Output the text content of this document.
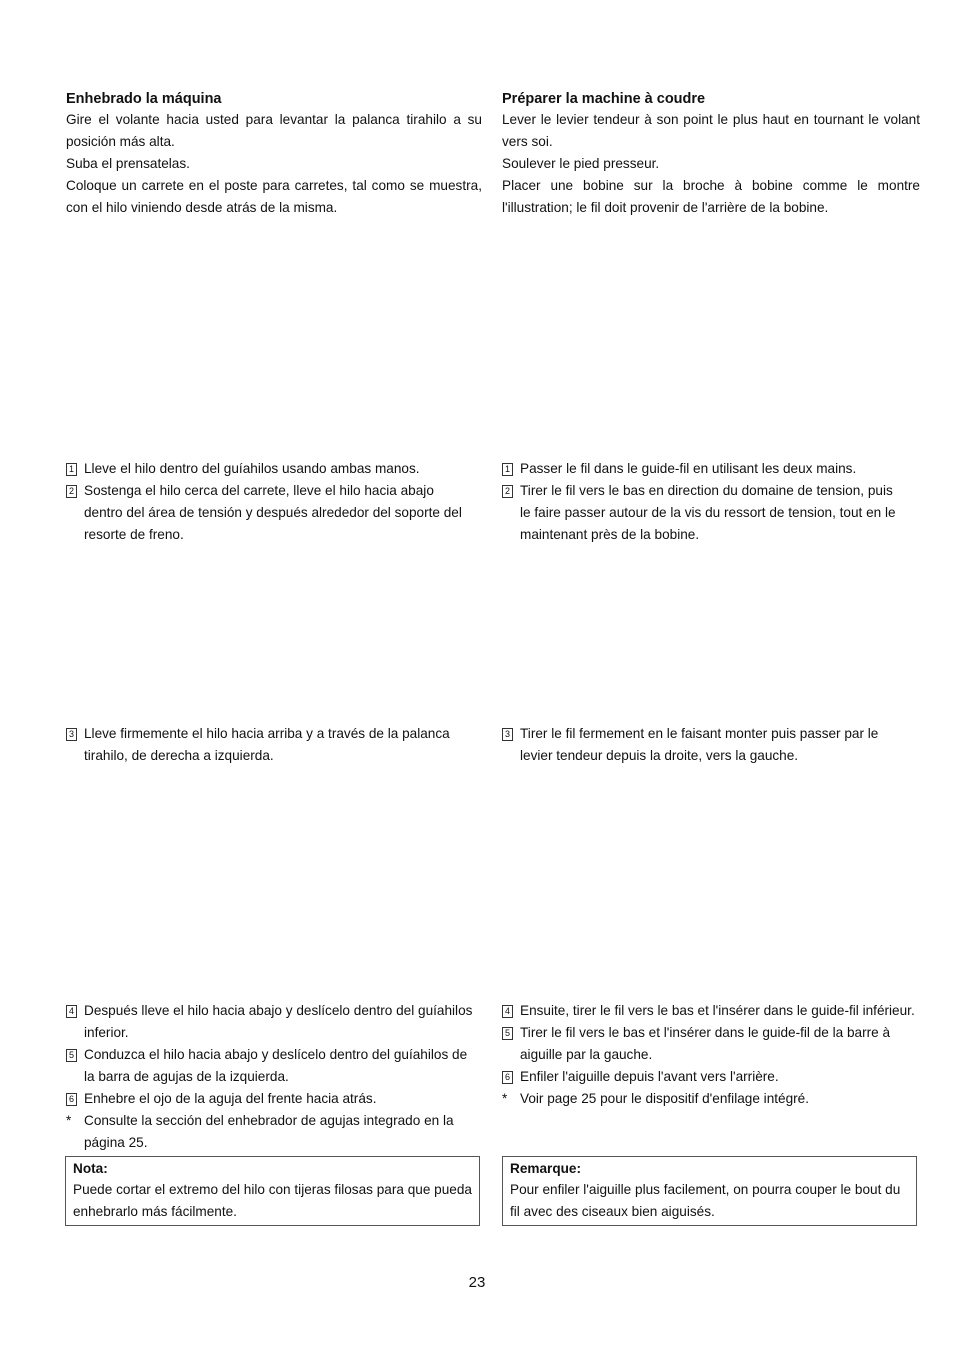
Enhebrado la máquina

Gire el volante hacia usted para levantar la palanca tirahilo a su posición más alta.

Suba el prensatelas.

Coloque un carrete en el poste para carretes, tal como se muestra, con el hilo viniendo desde atrás de la misma.

Préparer la machine à coudre

Lever le levier tendeur à son point le plus haut en tournant le volant vers soi.

Soulever le pied presseur.

Placer une bobine sur la broche à bobine comme le montre l'illustration; le fil doit provenir de l'arrière de la bobine.

1 Lleve el hilo dentro del guíahilos usando ambas manos.
2 Sostenga el hilo cerca del carrete, lleve el hilo hacia abajo dentro del área de tensión y después alrededor del soporte del resorte de freno.
1 Passer le fil dans le guide-fil en utilisant les deux mains.
2 Tirer le fil vers le bas en direction du domaine de tension, puis le faire passer autour de la vis du ressort de tension, tout en le maintenant près de la bobine.
3 Lleve firmemente el hilo hacia arriba y a través de la palanca tirahilo, de derecha a izquierda.
3 Tirer le fil fermement en le faisant monter puis passer par le levier tendeur depuis la droite, vers la gauche.
4 Después lleve el hilo hacia abajo y deslícelo dentro del guíahilos inferior.
5 Conduzca el hilo hacia abajo y deslícelo dentro del guíahilos de la barra de agujas de la izquierda.
6 Enhebre el ojo de la aguja del frente hacia atrás.
* Consulte la sección del enhebrador de agujas integrado en la página 25.
4 Ensuite, tirer le fil vers le bas et l'insérer dans le guide-fil inférieur.
5 Tirer le fil vers le bas et l'insérer dans le guide-fil de la barre à aiguille par la gauche.
6 Enfiler l'aiguille depuis l'avant vers l'arrière.
* Voir page 25 pour le dispositif d'enfilage intégré.

Nota:

Puede cortar el extremo del hilo con tijeras filosas para que pueda enhebrarlo más fácilmente.

Remarque:

Pour enfiler l'aiguille plus facilement, on pourra couper le bout du fil avec des ciseaux bien aiguisés.

23
